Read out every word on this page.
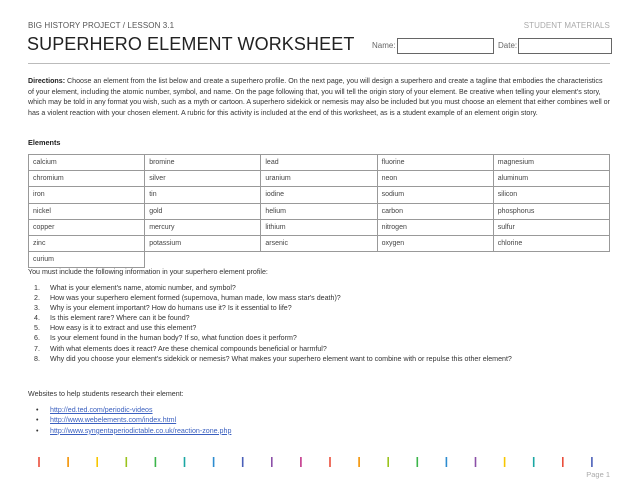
BIG HISTORY PROJECT / LESSON 3.1	STUDENT MATERIALS
SUPERHERO ELEMENT WORKSHEET Name:	Date:
Directions: Choose an element from the list below and create a superhero profile. On the next page, you will design a superhero and create a tagline that embodies the characteristics of your element, including the atomic number, symbol, and name. On the page following that, you will tell the origin story of your element. Be creative when telling your element's story, which may be told in any format you wish, such as a myth or cartoon. A superhero sidekick or nemesis may also be included but you must choose an element that either combines well or has a violent reaction with your chosen element. A rubric for this activity is included at the end of this worksheet, as is a student example of an element origin story.
Elements
calcium	bromine	lead	fluorine	magnesium
chromium	silver	uranium	neon	aluminum
iron	tin	iodine	sodium	silicon
nickel	gold	helium	carbon	phosphorus
copper	mercury	lithium	nitrogen	sulfur
zinc	potassium	arsenic	oxygen	chlorine
curium				
You must include the following information in your superhero element profile:
1. What is your element's name, atomic number, and symbol?
2. How was your superhero element formed (supernova, human made, low mass star's death)?
3. Why is your element important? How do humans use it? Is it essential to life?
4. Is this element rare? Where can it be found?
5. How easy is it to extract and use this element?
6. Is your element found in the human body? If so, what function does it perform?
7. With what elements does it react? Are these chemical compounds beneficial or harmful?
8. Why did you choose your element's sidekick or nemesis? What makes your superhero element want to combine with or repulse this other element?
Websites to help students research their element:
• http://ed.ted.com/periodic-videos
• http://www.webelements.com/index.html
• http://www.syngentaperiodictable.co.uk/reaction-zone.php
Page 1
